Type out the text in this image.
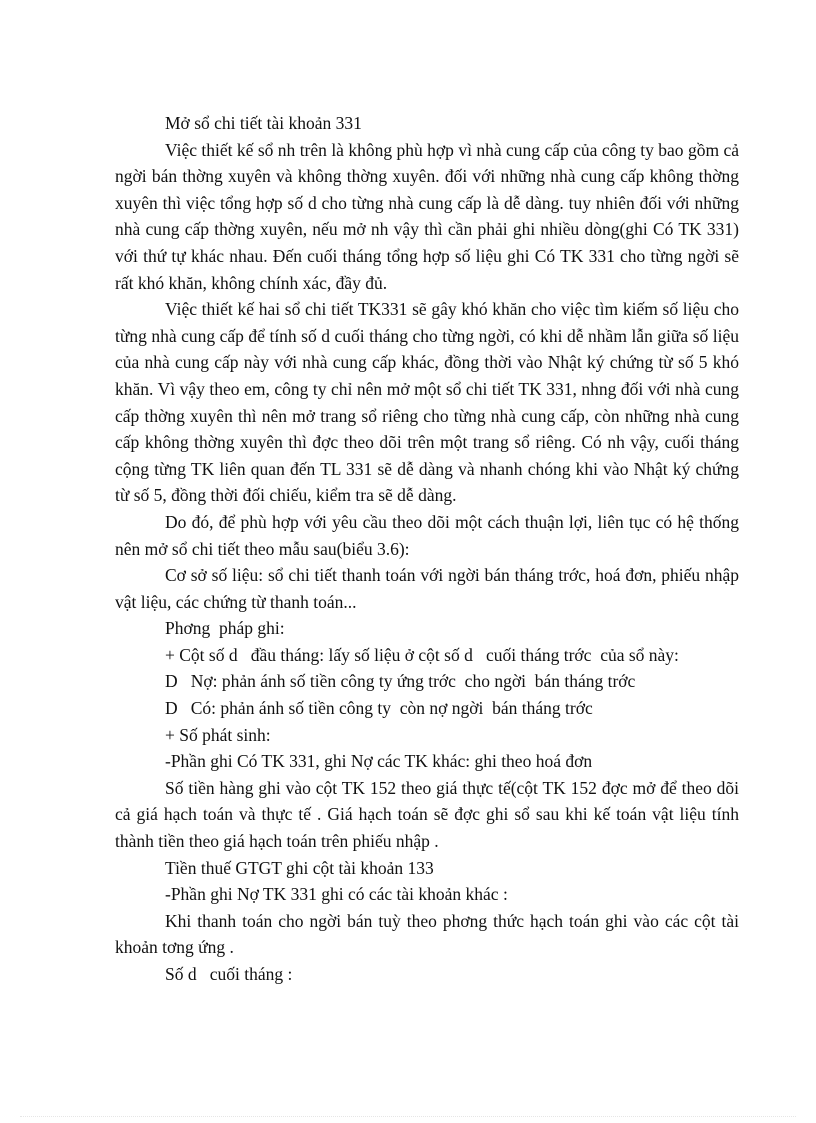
Mở sổ chi tiết tài khoản 331

Việc thiết kế sổ nh trên là không phù hợp vì nhà cung cấp của công ty bao gồm cả ngời bán thờng xuyên và không thờng xuyên. đối với những nhà cung cấp không thờng xuyên thì việc tổng hợp số d cho từng nhà cung cấp là dễ dàng. tuy nhiên đối với những nhà cung cấp thờng xuyên, nếu mở nh vậy thì cần phải ghi nhiều dòng(ghi Có TK 331) với thứ tự khác nhau. Đến cuối tháng tổng hợp số liệu ghi Có TK 331 cho từng ngời sẽ rất khó khăn, không chính xác, đầy đủ.

Việc thiết kế hai sổ chi tiết TK331 sẽ gây khó khăn cho việc tìm kiếm số liệu cho từng nhà cung cấp để tính số d cuối tháng cho từng ngời, có khi dễ nhầm lẫn giữa số liệu của nhà cung cấp này với nhà cung cấp khác, đồng thời vào Nhật ký chứng từ số 5 khó khăn. Vì vậy theo em, công ty chỉ nên mở một sổ chi tiết TK 331, nhng đối với nhà cung cấp thờng xuyên thì nên mở trang sổ riêng cho từng nhà cung cấp, còn những nhà cung cấp không thờng xuyên thì đợc theo dõi trên một trang sổ riêng. Có nh vậy, cuối tháng cộng từng TK liên quan đến TL 331 sẽ dễ dàng và nhanh chóng khi vào Nhật ký chứng từ số 5, đồng thời đối chiếu, kiểm tra sẽ dễ dàng.

Do đó, để phù hợp với yêu cầu theo dõi một cách thuận lợi, liên tục có hệ thống nên mở sổ chi tiết theo mẫu sau(biểu 3.6):

Cơ sở số liệu: sổ chi tiết thanh toán với ngời bán tháng trớc, hoá đơn, phiếu nhập vật liệu, các chứng từ thanh toán...

Phơng  pháp ghi:

+ Cột số d   đầu tháng: lấy số liệu ở cột số d   cuối tháng trớc  của sổ này:

D   Nợ: phản ánh số tiền công ty ứng trớc  cho ngời  bán tháng trớc

D   Có: phản ánh số tiền công ty  còn nợ ngời  bán tháng trớc

+ Số phát sinh:

-Phần ghi Có TK 331, ghi Nợ các TK khác: ghi theo hoá đơn

Số tiền hàng ghi vào cột TK 152 theo giá thực tế(cột TK 152 đợc mở để theo dõi cả giá hạch toán và thực tế . Giá hạch toán sẽ đợc ghi sổ sau khi kế toán vật liệu tính thành tiền theo giá hạch toán trên phiếu nhập .

Tiền thuế GTGT ghi cột tài khoản 133

-Phần ghi Nợ TK 331 ghi có các tài khoản khác :

Khi thanh toán cho ngời bán tuỳ theo phơng thức hạch toán ghi vào các cột tài khoản tơng ứng .

Số d   cuối tháng :
